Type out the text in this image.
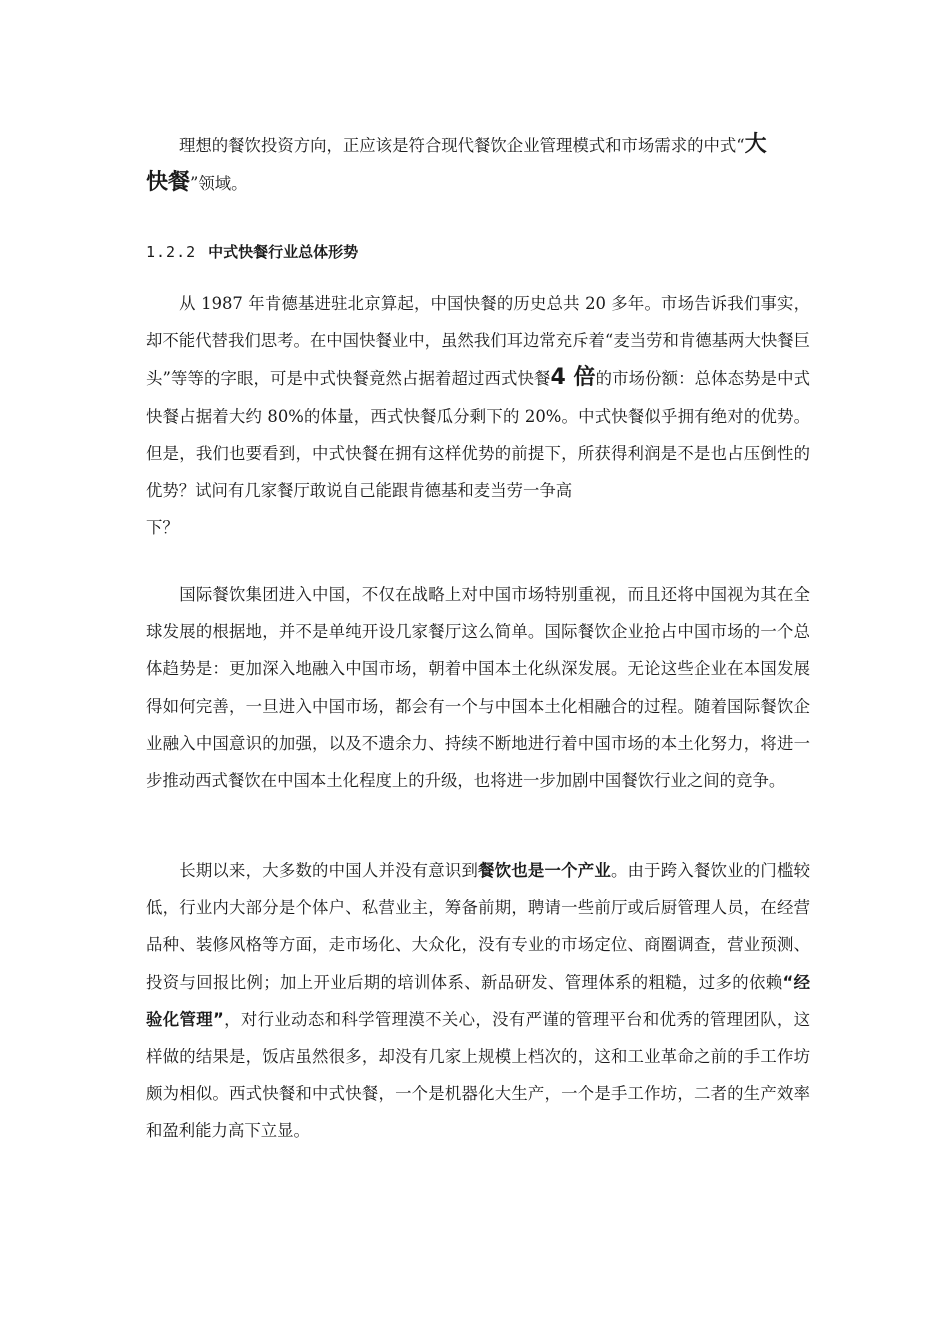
理想的餐饮投资方向，正应该是符合现代餐饮企业管理模式和市场需求的中式“大
快餐”领域。

1.2.2 中式快餐行业总体形势

从 1987 年肯德基进驻北京算起，中国快餐的历史总共 20 多年。市场告诉我们事实，却不能代替我们思考。在中国快餐业中，虽然我们耳边常充斥着“麦当劳和肯德基两大快餐巨头”等等的字眼，可是中式快餐竟然占据着超过西式快餐4 倍的市场份额：总体态势是中式快餐占据着大约 80%的体量，西式快餐瓜分剩下的 20%。中式快餐似乎拥有绝对的优势。但是，我们也要看到，中式快餐在拥有这样优势的前提下，所获得利润是不是也占压倒性的优势？试问有几家餐厅敢说自己能跟肯德基和麦当劳一争高
下？

国际餐饮集团进入中国，不仅在战略上对中国市场特别重视，而且还将中国视为其在全球发展的根据地，并不是单纯开设几家餐厅这么简单。国际餐饮企业抢占中国市场的一个总体趋势是：更加深入地融入中国市场，朝着中国本土化纵深发展。无论这些企业在本国发展得如何完善，一旦进入中国市场，都会有一个与中国本土化相融合的过程。随着国际餐饮企业融入中国意识的加强，以及不遗余力、持续不断地进行着中国市场的本土化努力，将进一步推动西式餐饮在中国本土化程度上的升级，也将进一步加剧中国餐饮行业之间的竞争。

长期以来，大多数的中国人并没有意识到餐饮也是一个产业。由于跨入餐饮业的门槛较低，行业内大部分是个体户、私营业主，筹备前期，聘请一些前厅或后厨管理人员，在经营品种、装修风格等方面，走市场化、大众化，没有专业的市场定位、商圈调查，营业预测、投资与回报比例；加上开业后期的培训体系、新品研发、管理体系的粗糙，过多的依赖“经验化管理”，对行业动态和科学管理漠不关心，没有严谨的管理平台和优秀的管理团队，这样做的结果是，饭店虽然很多，却没有几家上规模上档次的，这和工业革命之前的手工作坊颇为相似。西式快餐和中式快餐，一个是机器化大生产，一个是手工作坊，二者的生产效率和盈利能力高下立显。
